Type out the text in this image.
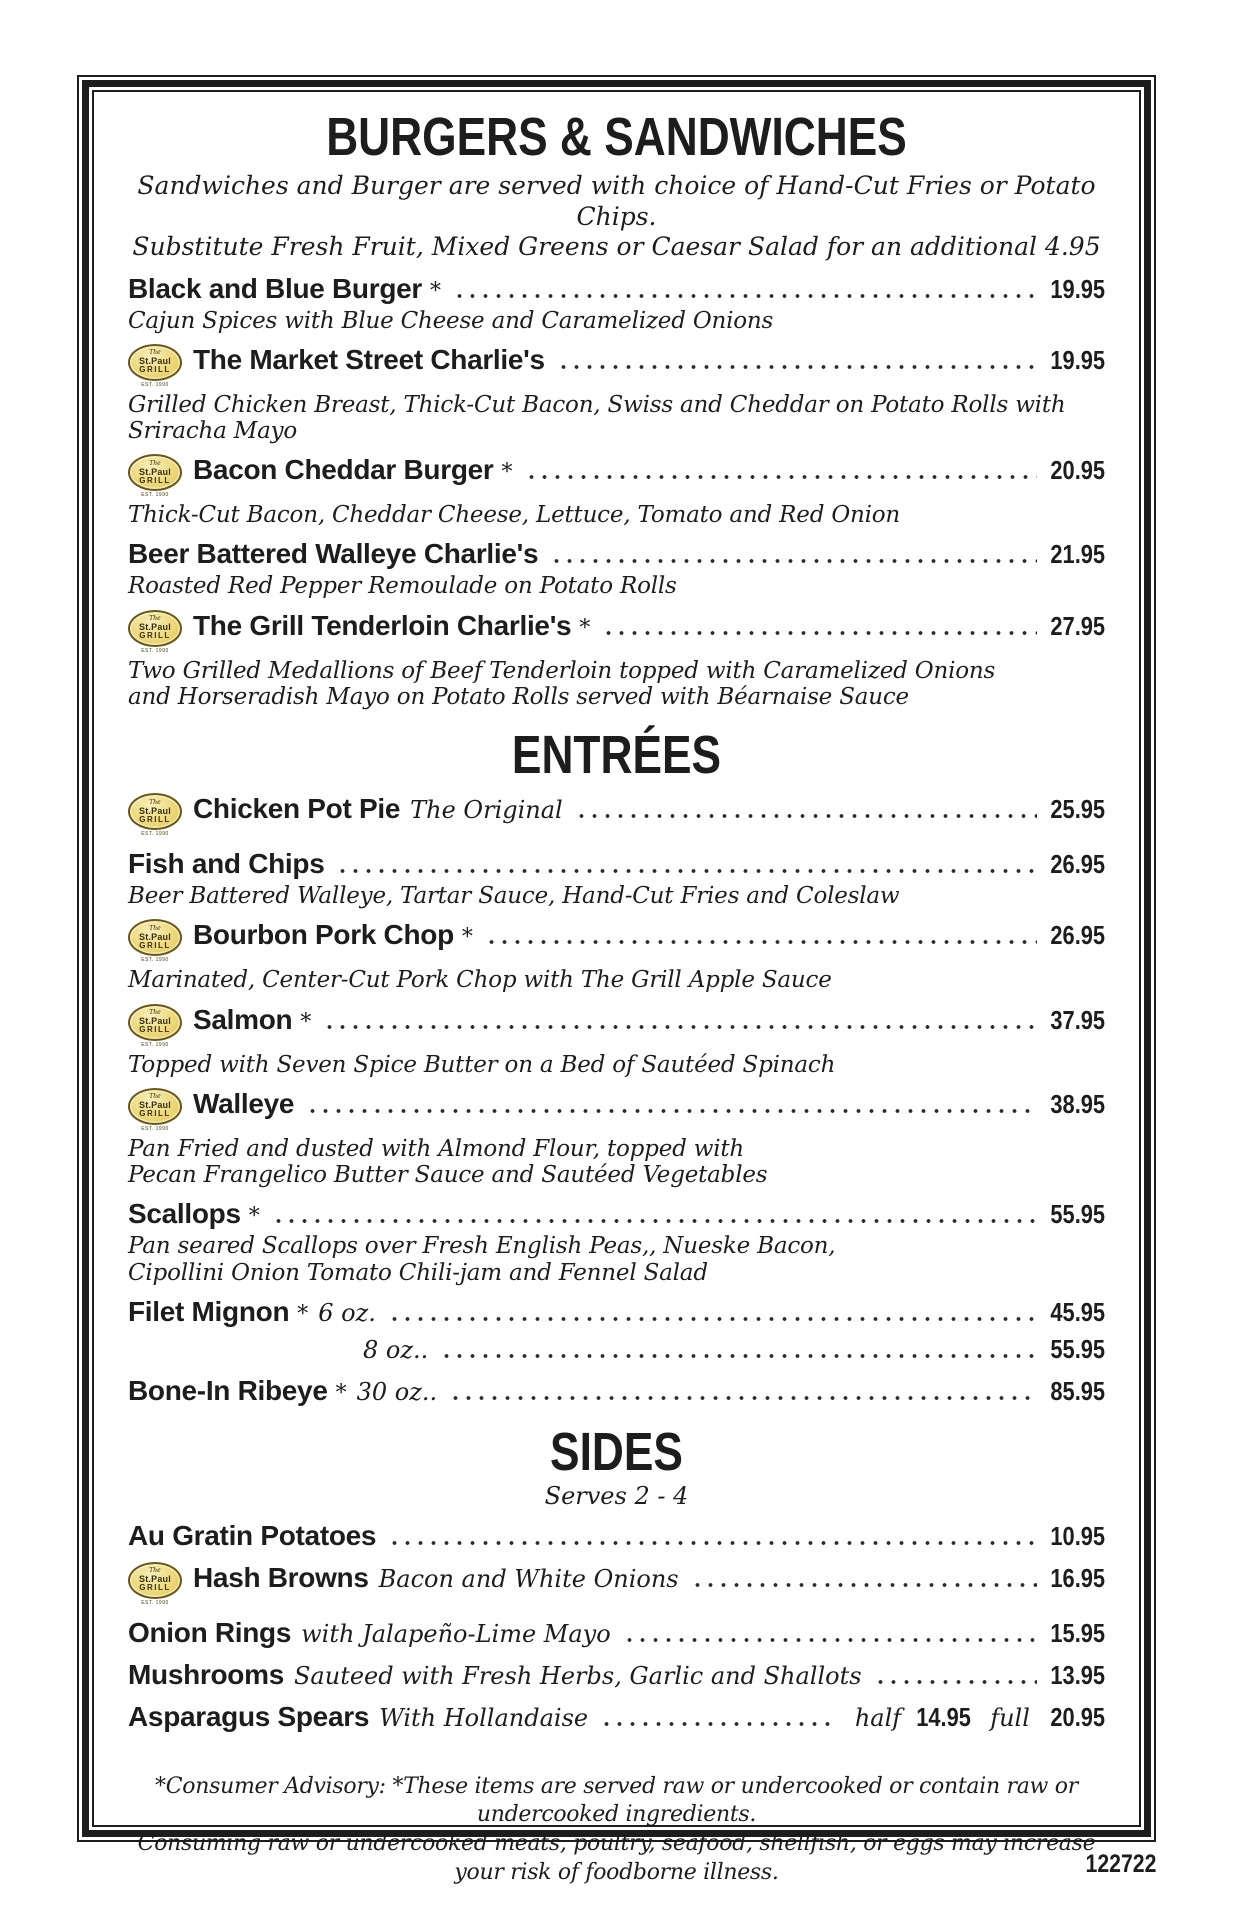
BURGERS & SANDWICHES
Sandwiches and Burger are served with choice of Hand-Cut Fries or Potato Chips.
Substitute Fresh Fruit, Mixed Greens or Caesar Salad for an additional 4.95
Black and Blue Burger *	19.95
Cajun Spices with Blue Cheese and Caramelized Onions
The
St.Paul
GRILL
EST. 1990
The Market Street Charlie's	19.95
Grilled Chicken Breast, Thick-Cut Bacon, Swiss and Cheddar on Potato Rolls with Sriracha Mayo
The
St.Paul
GRILL
EST. 1990
Bacon Cheddar Burger *	20.95
Thick-Cut Bacon, Cheddar Cheese, Lettuce, Tomato and Red Onion
Beer Battered Walleye Charlie's	21.95
Roasted Red Pepper Remoulade on Potato Rolls
The
St.Paul
GRILL
EST. 1990
The Grill Tenderloin Charlie's *	27.95
Two Grilled Medallions of Beef Tenderloin topped with Caramelized Onions
and Horseradish Mayo on Potato Rolls served with Béarnaise Sauce
ENTRÉES
The
St.Paul
GRILL
EST. 1990
Chicken Pot Pie The Original	25.95
Fish and Chips	26.95
Beer Battered Walleye, Tartar Sauce, Hand-Cut Fries and Coleslaw
The
St.Paul
GRILL
EST. 1990
Bourbon Pork Chop *	26.95
Marinated, Center-Cut Pork Chop with The Grill Apple Sauce
The
St.Paul
GRILL
EST. 1990
Salmon *	37.95
Topped with Seven Spice Butter on a Bed of Sautéed Spinach
The
St.Paul
GRILL
EST. 1990
Walleye	38.95
Pan Fried and dusted with Almond Flour, topped with
Pecan Frangelico Butter Sauce and Sautéed Vegetables
Scallops *	55.95
Pan seared Scallops over Fresh English Peas,, Nueske Bacon,
Cipollini Onion Tomato Chili-jam and Fennel Salad
Filet Mignon * 6 oz.	45.95
8 oz..	55.95
Bone-In Ribeye * 30 oz..	85.95
SIDES
Serves 2 - 4
Au Gratin Potatoes	10.95
The
St.Paul
GRILL
EST. 1990
Hash Browns Bacon and White Onions	16.95
Onion Rings with Jalapeño-Lime Mayo	15.95
Mushrooms Sauteed with Fresh Herbs, Garlic and Shallots	13.95
Asparagus Spears With Hollandaise	half 14.95 full 20.95
*Consumer Advisory: *These items are served raw or undercooked or contain raw or undercooked ingredients.
Consuming raw or undercooked meats, poultry, seafood, shellfish, or eggs may increase your risk of foodborne illness.	122722
